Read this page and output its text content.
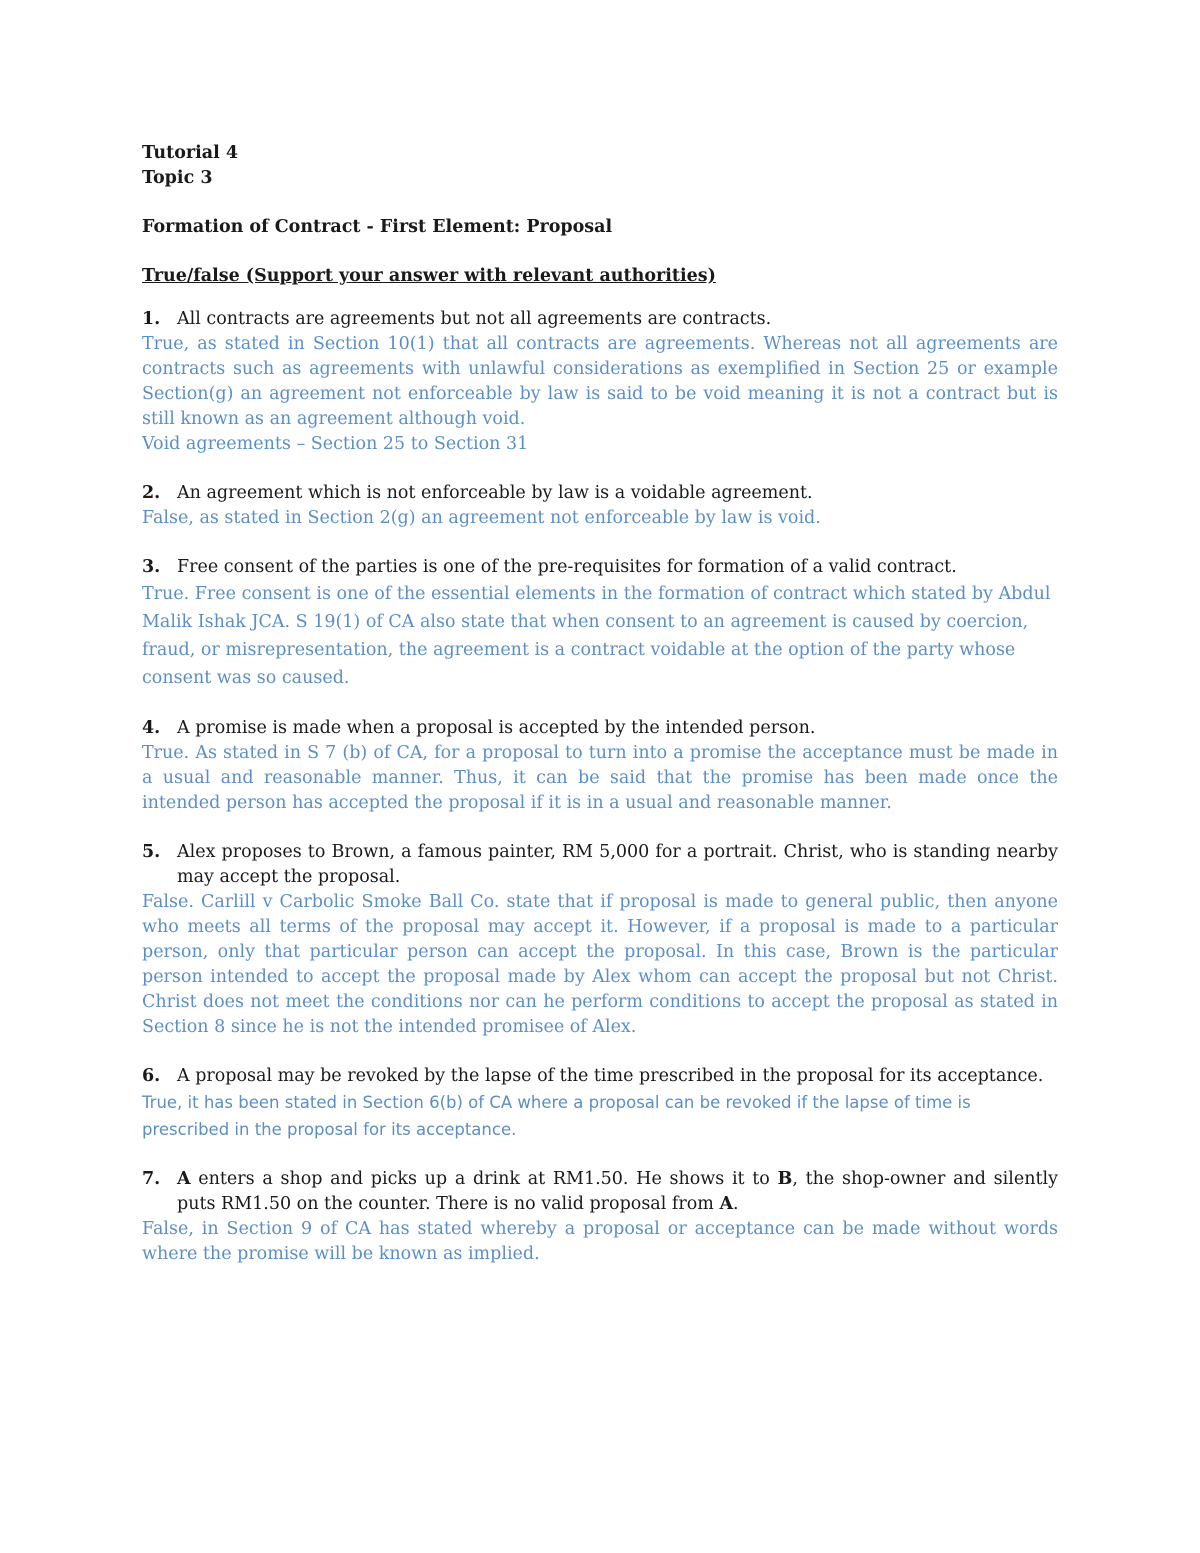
Tutorial 4
Topic 3
Formation of Contract - First Element: Proposal
True/false (Support your answer with relevant authorities)
1. All contracts are agreements but not all agreements are contracts.
True, as stated in Section 10(1) that all contracts are agreements. Whereas not all agreements are contracts such as agreements with unlawful considerations as exemplified in Section 25 or example Section(g) an agreement not enforceable by law is said to be void meaning it is not a contract but is still known as an agreement although void.
Void agreements – Section 25 to Section 31
2. An agreement which is not enforceable by law is a voidable agreement.
False, as stated in Section 2(g) an agreement not enforceable by law is void.
3. Free consent of the parties is one of the pre-requisites for formation of a valid contract.
True. Free consent is one of the essential elements in the formation of contract which stated by Abdul Malik Ishak JCA. S 19(1) of CA also state that when consent to an agreement is caused by coercion, fraud, or misrepresentation, the agreement is a contract voidable at the option of the party whose consent was so caused.
4. A promise is made when a proposal is accepted by the intended person.
True. As stated in S 7 (b) of CA, for a proposal to turn into a promise the acceptance must be made in a usual and reasonable manner. Thus, it can be said that the promise has been made once the intended person has accepted the proposal if it is in a usual and reasonable manner.
5. Alex proposes to Brown, a famous painter, RM 5,000 for a portrait. Christ, who is standing nearby may accept the proposal.
False. Carlill v Carbolic Smoke Ball Co. state that if proposal is made to general public, then anyone who meets all terms of the proposal may accept it. However, if a proposal is made to a particular person, only that particular person can accept the proposal. In this case, Brown is the particular person intended to accept the proposal made by Alex whom can accept the proposal but not Christ. Christ does not meet the conditions nor can he perform conditions to accept the proposal as stated in Section 8 since he is not the intended promisee of Alex.
6. A proposal may be revoked by the lapse of the time prescribed in the proposal for its acceptance.
True, it has been stated in Section 6(b) of CA where a proposal can be revoked if the lapse of time is prescribed in the proposal for its acceptance.
7. A enters a shop and picks up a drink at RM1.50. He shows it to B, the shop-owner and silently puts RM1.50 on the counter. There is no valid proposal from A.
False, in Section 9 of CA has stated whereby a proposal or acceptance can be made without words where the promise will be known as implied.
